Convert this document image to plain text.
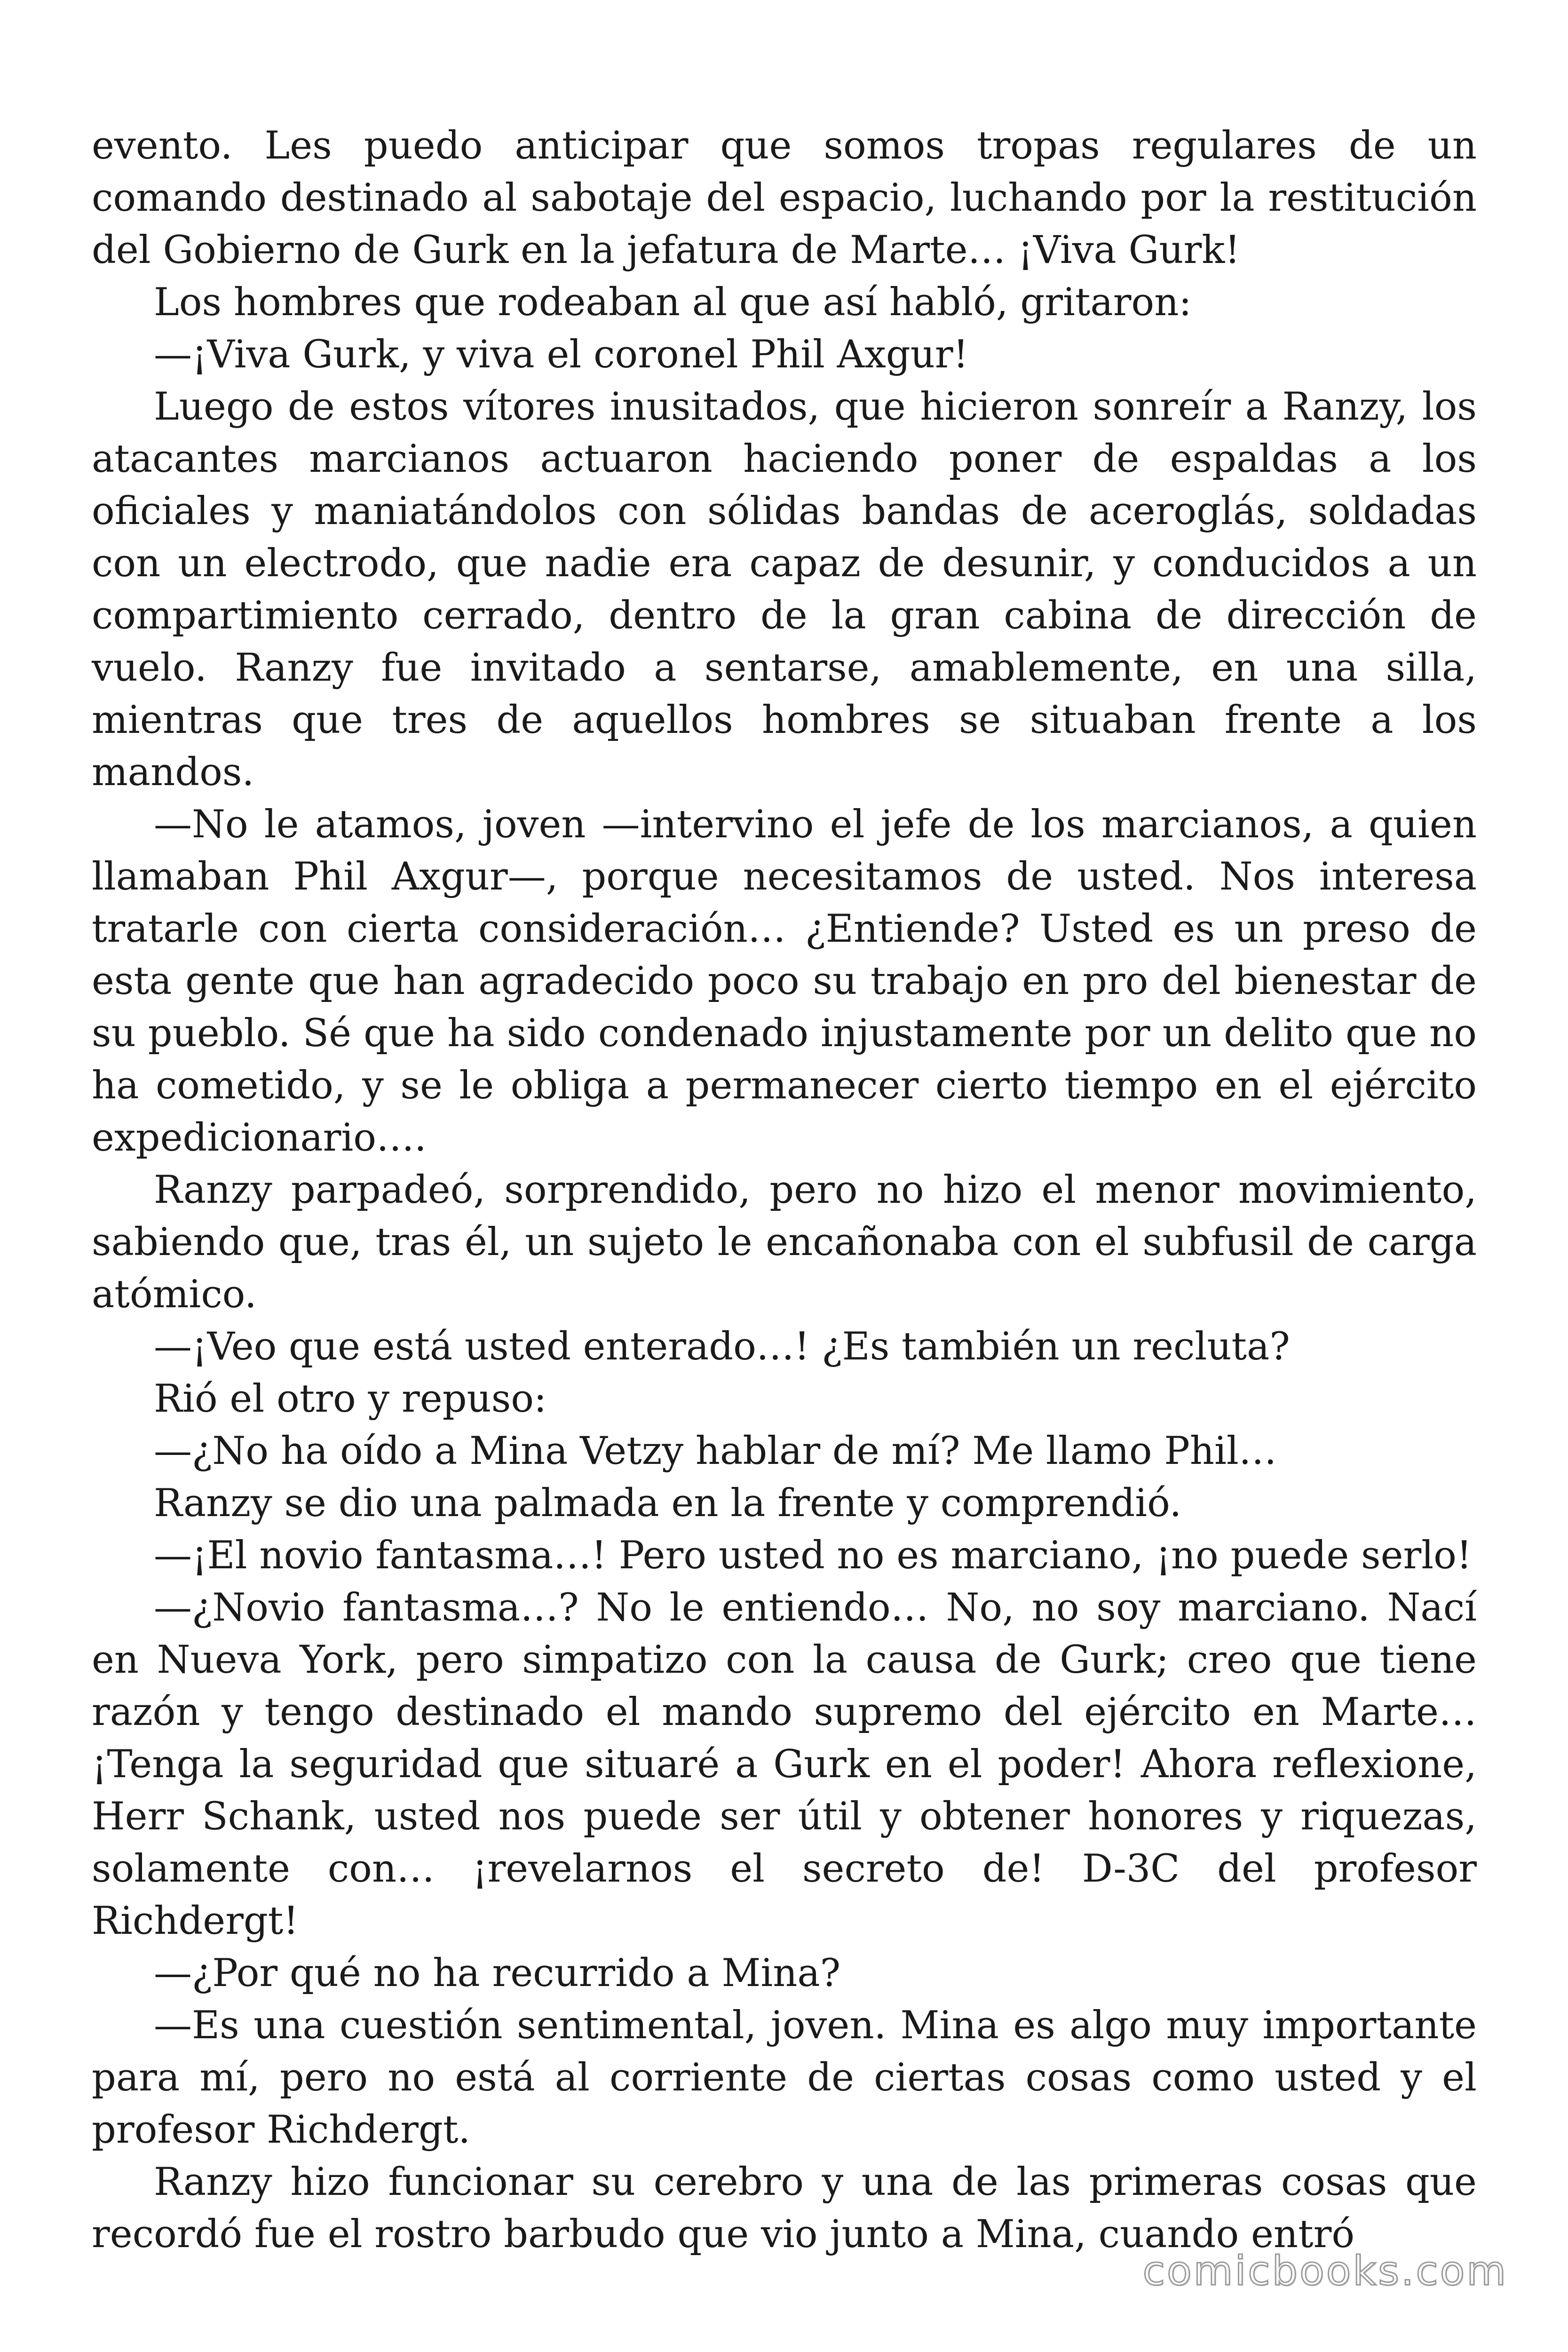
evento. Les puedo anticipar que somos tropas regulares de un comando destinado al sabotaje del espacio, luchando por la restitución del Gobierno de Gurk en la jefatura de Marte… ¡Viva Gurk!

Los hombres que rodeaban al que así habló, gritaron:

—¡Viva Gurk, y viva el coronel Phil Axgur!

Luego de estos vítores inusitados, que hicieron sonreír a Ranzy, los atacantes marcianos actuaron haciendo poner de espaldas a los oficiales y maniatándolos con sólidas bandas de aceroglás, soldadas con un electrodo, que nadie era capaz de desunir, y conducidos a un compartimiento cerrado, dentro de la gran cabina de dirección de vuelo. Ranzy fue invitado a sentarse, amablemente, en una silla, mientras que tres de aquellos hombres se situaban frente a los mandos.

—No le atamos, joven —intervino el jefe de los marcianos, a quien llamaban Phil Axgur—, porque necesitamos de usted. Nos interesa tratarle con cierta consideración… ¿Entiende? Usted es un preso de esta gente que han agradecido poco su trabajo en pro del bienestar de su pueblo. Sé que ha sido condenado injustamente por un delito que no ha cometido, y se le obliga a permanecer cierto tiempo en el ejército expedicionario….

Ranzy parpadeó, sorprendido, pero no hizo el menor movimiento, sabiendo que, tras él, un sujeto le encañonaba con el subfusil de carga atómico.

—¡Veo que está usted enterado…! ¿Es también un recluta?

Rió el otro y repuso:

—¿No ha oído a Mina Vetzy hablar de mí? Me llamo Phil…

Ranzy se dio una palmada en la frente y comprendió.

—¡El novio fantasma…! Pero usted no es marciano, ¡no puede serlo!

—¿Novio fantasma…? No le entiendo… No, no soy marciano. Nací en Nueva York, pero simpatizo con la causa de Gurk; creo que tiene razón y tengo destinado el mando supremo del ejército en Marte… ¡Tenga la seguridad que situaré a Gurk en el poder! Ahora reflexione, Herr Schank, usted nos puede ser útil y obtener honores y riquezas, solamente con… ¡revelarnos el secreto de! D-3C del profesor Richdergt!

—¿Por qué no ha recurrido a Mina?

—Es una cuestión sentimental, joven. Mina es algo muy importante para mí, pero no está al corriente de ciertas cosas como usted y el profesor Richdergt.

Ranzy hizo funcionar su cerebro y una de las primeras cosas que recordó fue el rostro barbudo que vio junto a Mina, cuando entró

comicbooks.com
